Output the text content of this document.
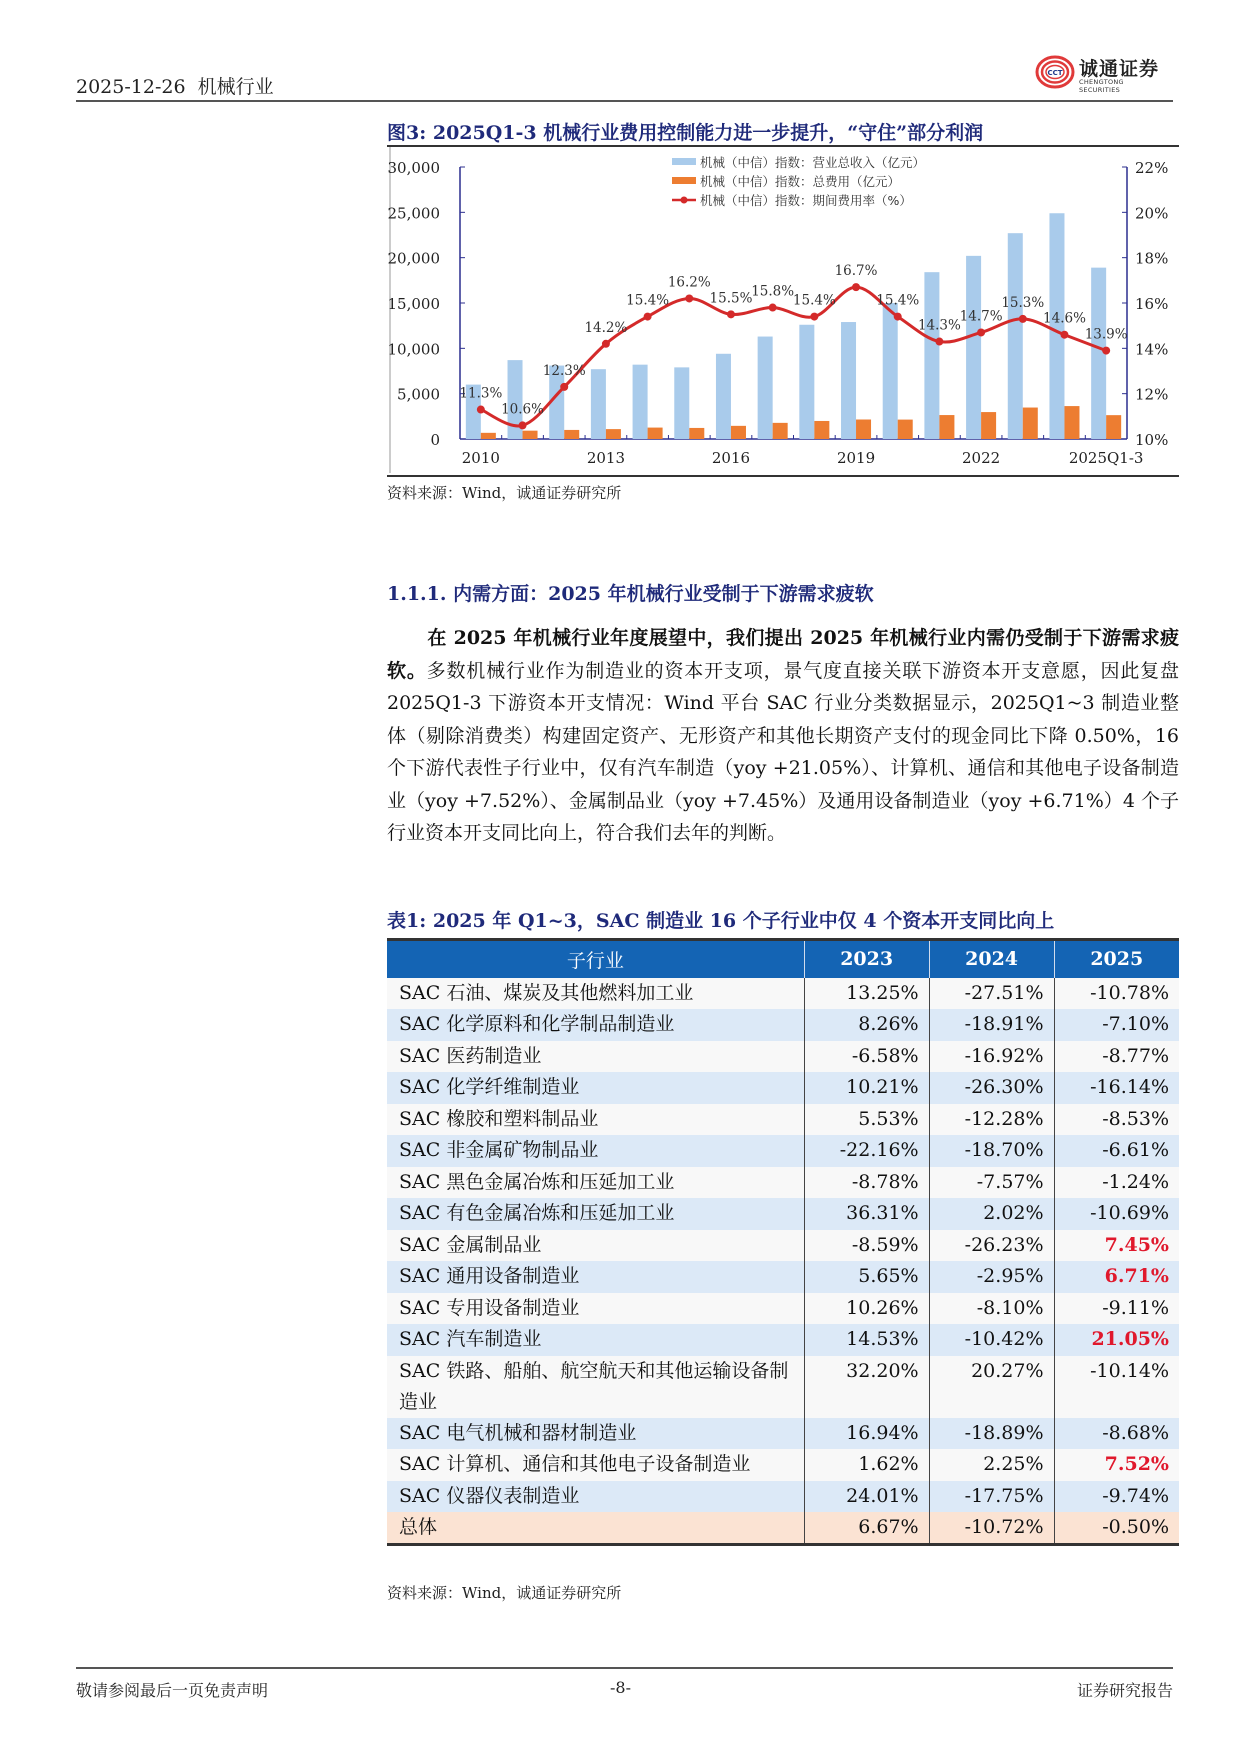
2025-12-26 机械行业
CCT 诚通证券
CHENGTONG SECURITIES
图3: 2025Q1-3 机械行业费用控制能力进一步提升，“守住”部分利润
0
5,000
10,000
15,000
20,000
25,000
30,000
10%
12%
14%
16%
18%
20%
22%
11.3%
10.6%
12.3%
14.2%
15.4%
16.2%
15.5%
15.8%
15.4%
16.7%
15.4%
14.3%
14.7%
15.3%
14.6%
13.9%
2010	2013	2016	2019	2022	2025Q1-3
机械（中信）指数：营业总收入（亿元）
机械（中信）指数：总费用（亿元）
机械（中信）指数：期间费用率（%）
资料来源：Wind，诚通证券研究所
1.1.1. 内需方面：2025 年机械行业受制于下游需求疲软
在 2025 年机械行业年度展望中，我们提出 2025 年机械行业内需仍受制于下游需求疲软。多数机械行业作为制造业的资本开支项，景气度直接关联下游资本开支意愿，因此复盘 2025Q1-3 下游资本开支情况：Wind 平台 SAC 行业分类数据显示，2025Q1~3 制造业整体（剔除消费类）构建固定资产、无形资产和其他长期资产支付的现金同比下降 0.50%，16 个下游代表性子行业中，仅有汽车制造（yoy +21.05%）、计算机、通信和其他电子设备制造业（yoy +7.52%）、金属制品业（yoy +7.45%）及通用设备制造业（yoy +6.71%）4 个子行业资本开支同比向上，符合我们去年的判断。
表1: 2025 年 Q1~3，SAC 制造业 16 个子行业中仅 4 个资本开支同比向上
子行业	2023	2024	2025
SAC 石油、煤炭及其他燃料加工业	13.25%	-27.51%	-10.78%
SAC 化学原料和化学制品制造业	8.26%	-18.91%	-7.10%
SAC 医药制造业	-6.58%	-16.92%	-8.77%
SAC 化学纤维制造业	10.21%	-26.30%	-16.14%
SAC 橡胶和塑料制品业	5.53%	-12.28%	-8.53%
SAC 非金属矿物制品业	-22.16%	-18.70%	-6.61%
SAC 黑色金属冶炼和压延加工业	-8.78%	-7.57%	-1.24%
SAC 有色金属冶炼和压延加工业	36.31%	2.02%	-10.69%
SAC 金属制品业	-8.59%	-26.23%	7.45%
SAC 通用设备制造业	5.65%	-2.95%	6.71%
SAC 专用设备制造业	10.26%	-8.10%	-9.11%
SAC 汽车制造业	14.53%	-10.42%	21.05%
SAC 铁路、船舶、航空航天和其他运输设备制造业	32.20%	20.27%	-10.14%
SAC 电气机械和器材制造业	16.94%	-18.89%	-8.68%
SAC 计算机、通信和其他电子设备制造业	1.62%	2.25%	7.52%
SAC 仪器仪表制造业	24.01%	-17.75%	-9.74%
总体	6.67%	-10.72%	-0.50%
资料来源：Wind，诚通证券研究所
敬请参阅最后一页免责声明	-8-	证券研究报告
